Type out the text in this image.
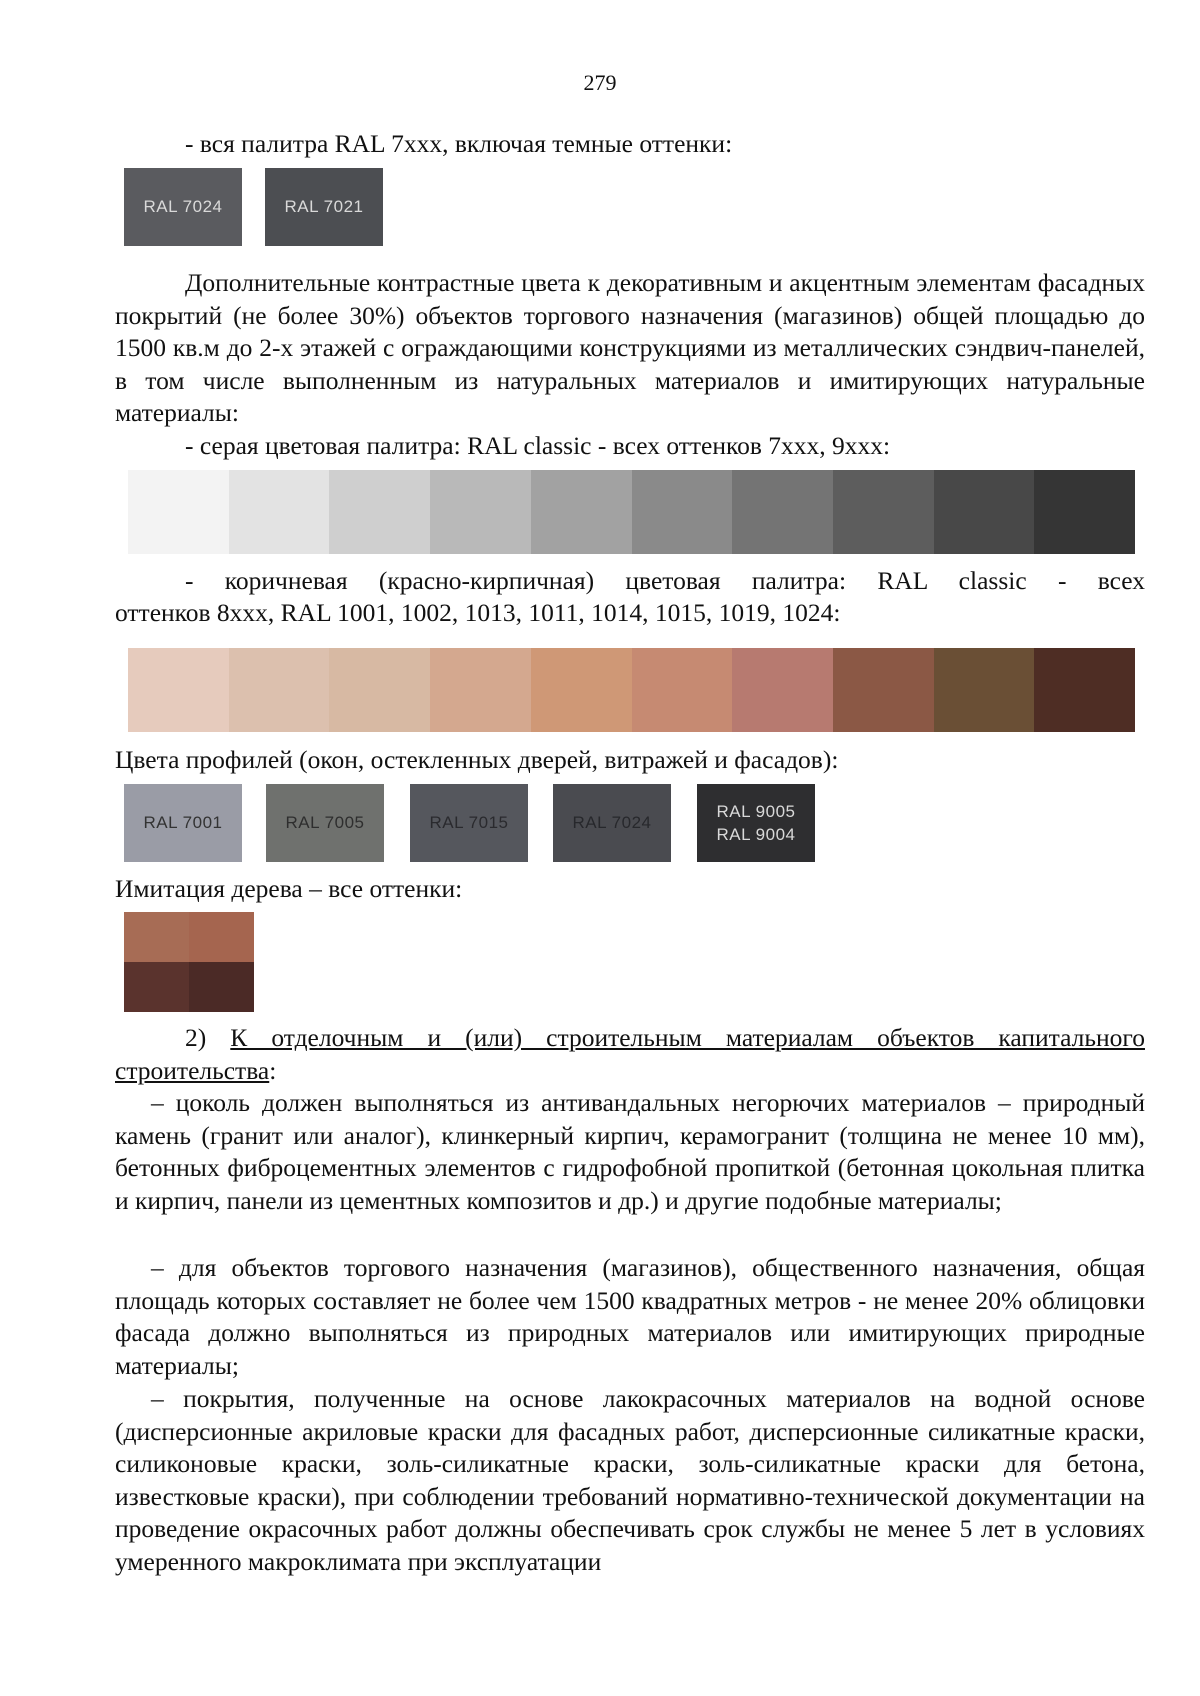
279
- вся палитра RAL 7ххх, включая темные оттенки:
RAL 7024	RAL 7021
Дополнительные контрастные цвета к декоративным и акцентным элементам фасадных покрытий (не более 30%) объектов торгового назначения (магазинов) общей площадью до 1500 кв.м до 2-х этажей с ограждающими конструкциями из металлических сэндвич-панелей, в том числе выполненным из натуральных материалов и имитирующих натуральные материалы:
- серая цветовая палитра: RAL classic - всех оттенков 7ххх, 9ххх:
- коричневая (красно-кирпичная) цветовая палитра: RAL classic - всех
оттенков 8ххх, RAL 1001, 1002, 1013, 1011, 1014, 1015, 1019, 1024:
Цвета профилей (окон, остекленных дверей, витражей и фасадов):
RAL 7001	RAL 7005	RAL 7015	RAL 7024
RAL 9005
RAL 9004
Имитация дерева – все оттенки:
2) К отделочным и (или) строительным материалам объектов капитального строительства:
– цоколь должен выполняться из антивандальных негорючих материалов – природный камень (гранит или аналог), клинкерный кирпич, керамогранит (толщина не менее 10 мм), бетонных фиброцементных элементов с гидрофобной пропиткой (бетонная цокольная плитка и кирпич, панели из цементных композитов и др.) и другие подобные материалы;
– для объектов торгового назначения (магазинов), общественного назначения, общая площадь которых составляет не более чем 1500 квадратных метров - не менее 20% облицовки фасада должно выполняться из природных материалов или имитирующих природные материалы;
– покрытия, полученные на основе лакокрасочных материалов на водной основе (дисперсионные акриловые краски для фасадных работ, дисперсионные силикатные краски, силиконовые краски, золь-силикатные краски, золь-силикатные краски для бетона, известковые краски), при соблюдении требований нормативно-технической документации на проведение окрасочных работ должны обеспечивать срок службы не менее 5 лет в условиях умеренного макроклимата при эксплуатации
